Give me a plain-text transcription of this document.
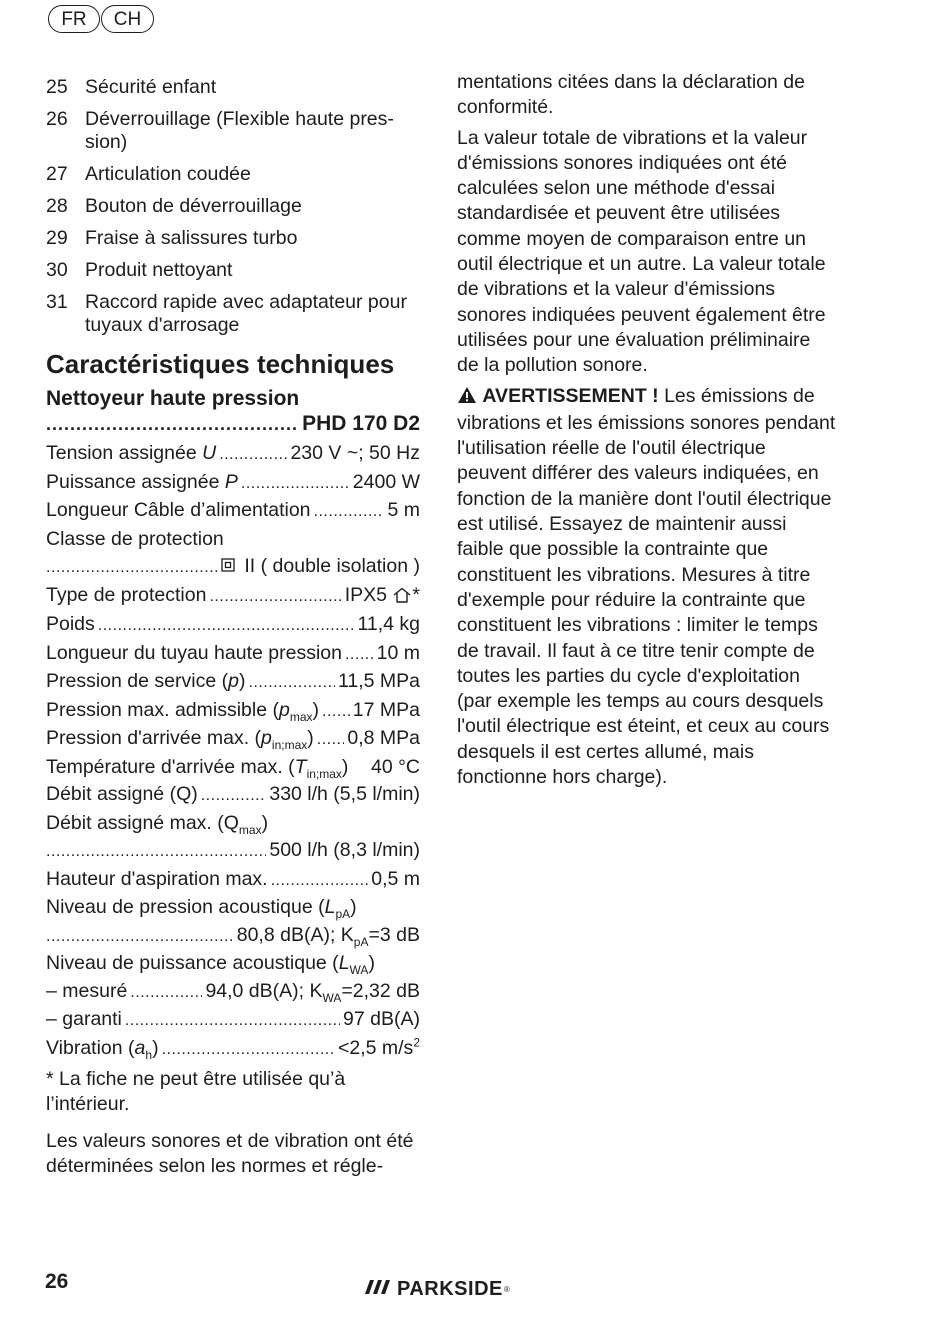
FR	CH
25 Sécurité enfant
26 Déverrouillage (Flexible haute pres-sion)
27 Articulation coudée
28 Bouton de déverrouillage
29 Fraise à salissures turbo
30 Produit nettoyant
31 Raccord rapide avec adaptateur pour tuyaux d'arrosage
Caractéristiques techniques
Nettoyeur haute pression
.....
PHD 170 D2
Tension assignée U .....	230 V ~; 50 Hz
Puissance assignée P .....	2400 W
Longueur Câble d’alimentation .....	5 m
Classe de protection
.....
II ( double isolation )
Type de protection .....	IPX5 *
Poids .....	11,4 kg
Longueur du tuyau haute pression ..... 10 m
Pression de service (p) .....	11,5 MPa
Pression max. admissible $(p_{max})$ ..... 17 MPa
Pression d'arrivée max. $(p_{in;max})$ ..... 0,8 MPa
Température d'arrivée max. $(T_{in;max})$ 40 °C
Débit assigné (Q) .....	330 l/h (5,5 l/min)
Débit assigné max. $(Q_{max})$
.....
500 l/h (8,3 l/min)
Hauteur d'aspiration max. .....	0,5 m
Niveau de pression acoustique $(L_{pA})$
.....
80,8 dB(A); $K_{pA}=3$ dB
Niveau de puissance acoustique $(L_{WA})$
– mesuré .....	94,0 dB(A); $K_{WA}=2,32$ dB
– garanti .....	97 dB(A)
Vibration $(a_h)$ .....	<2,5 $m/s^2$
* La fiche ne peut être utilisée qu’à l’intérieur.
Les valeurs sonores et de vibration ont été déterminées selon les normes et régle-

mentations citées dans la déclaration de conformité.

La valeur totale de vibrations et la valeur d'émissions sonores indiquées ont été calculées selon une méthode d'essai standardisée et peuvent être utilisées comme moyen de comparaison entre un outil électrique et un autre. La valeur totale de vibrations et la valeur d'émissions sonores indiquées peuvent également être utilisées pour une évaluation préliminaire de la pollution sonore.

AVERTISSEMENT ! Les émissions de vibrations et les émissions sonores pendant l'utilisation réelle de l'outil électrique peuvent différer des valeurs indiquées, en fonction de la manière dont l'outil électrique est utilisé. Essayez de maintenir aussi faible que possible la contrainte que constituent les vibrations. Mesures à titre d'exemple pour réduire la contrainte que constituent les vibrations : limiter le temps de travail. Il faut à ce titre tenir compte de toutes les parties du cycle d'exploitation (par exemple les temps au cours desquels l'outil électrique est éteint, et ceux au cours desquels il est certes allumé, mais fonctionne hors charge).

26	PARKSIDE ®
